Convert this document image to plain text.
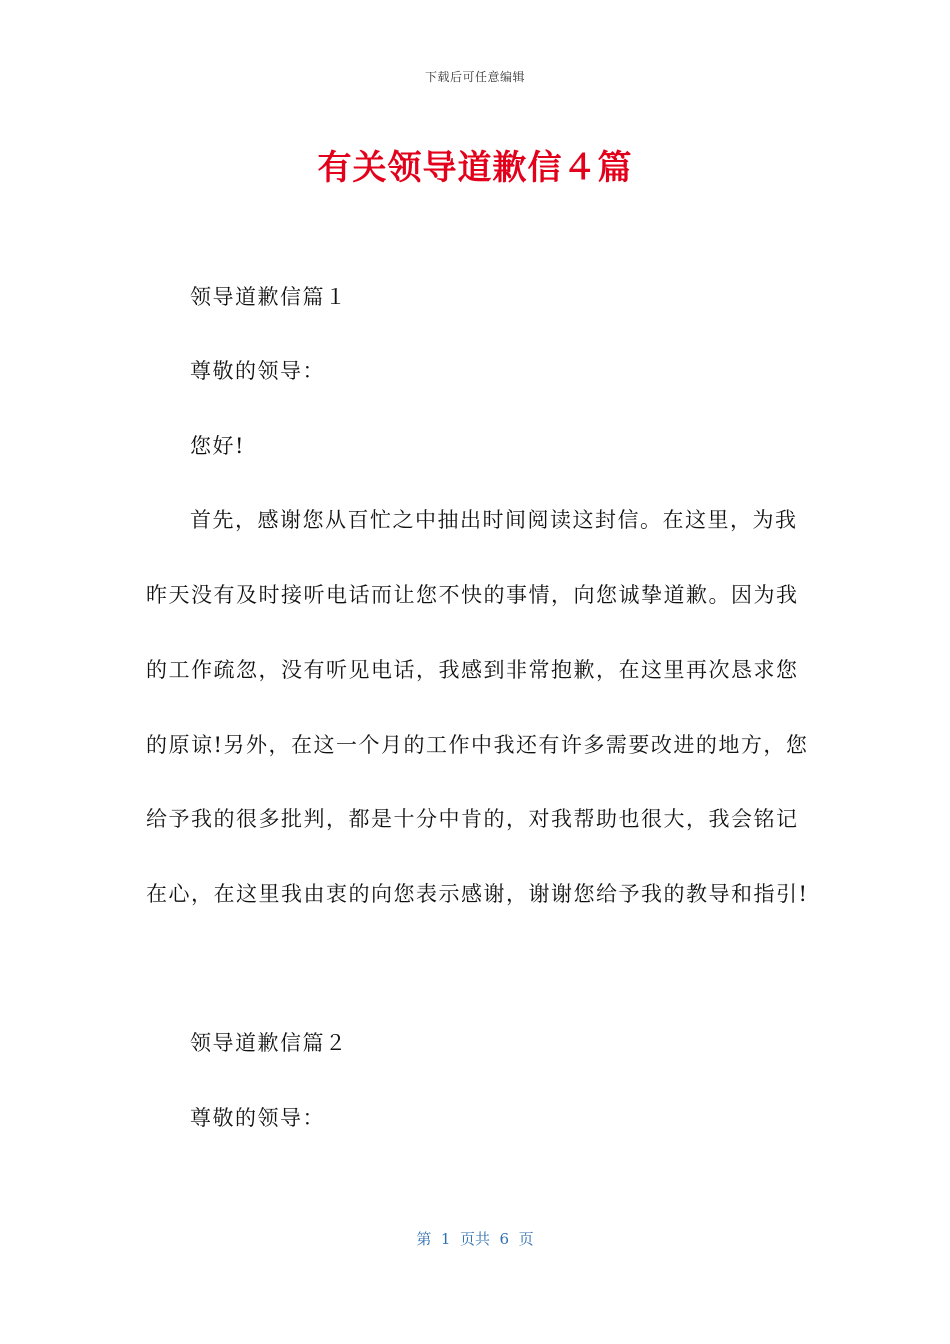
下载后可任意编辑
有关领导道歉信４篇
领导道歉信篇１
尊敬的领导：
您好!
首先，感谢您从百忙之中抽出时间阅读这封信。在这里，为我
昨天没有及时接听电话而让您不快的事情，向您诚挚道歉。因为我
的工作疏忽，没有听见电话，我感到非常抱歉，在这里再次恳求您
的原谅!另外，在这一个月的工作中我还有许多需要改进的地方，您
给予我的很多批判，都是十分中肯的，对我帮助也很大，我会铭记
在心，在这里我由衷的向您表示感谢，谢谢您给予我的教导和指引!
领导道歉信篇２
尊敬的领导：
第  1  页共  6  页
